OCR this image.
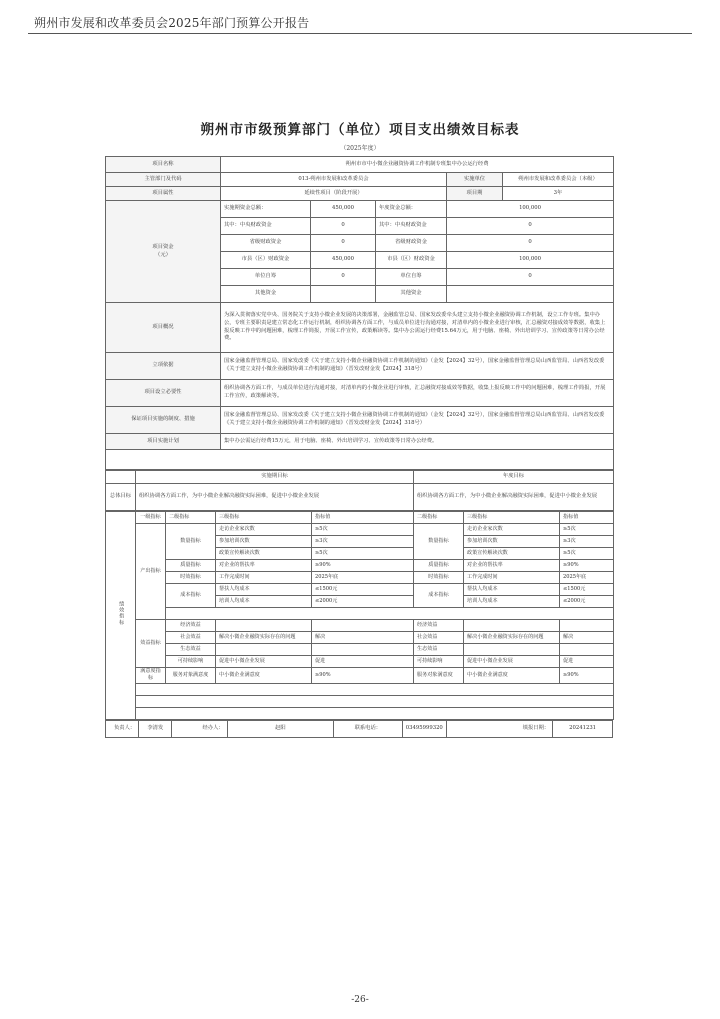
朔州市发展和改革委员会2025年部门预算公开报告
朔州市市级预算部门（单位）项目支出绩效目标表
（2025年度）
项目名称	朔州市市中小微企业融资协调工作机制专班集中办公运行经费				
主管部门及代码	013-朔州市发展和改革委员会			实施单位	朔州市发展和改革委员会（本级）
项目属性	延续性项目（阶段开展）			项目期	3年
项目资金
（元）	实施期资金总额：	450,000	年度资金总额：	100,000	
	其中：中央财政资金	0	其中：中央财政资金	0	
	省级财政资金	0	省级财政资金	0	
	市县（区）财政资金	450,000	市县（区）财政资金	100,000	
	单位自筹	0	单位自筹	0	
	其他资金		其他资金		
项目概况	为深入贯彻落实党中央、国务院关于支持小微企业发展的决策部署，金融监管总局、国家发改委牵头建立支持小微企业融资协调工作机制，设立工作专班。集中办公，专班主要职责是建立常态化工作运行机制，组织协调各方面工作，与成员单位进行沟通对接，对清单内的小微企业进行审核，汇总融资对接成效等数据，收集上报反映工作中的问题困难，梳理工作简报，开展工作宣传，政策解读等。集中办公需运行经费15.64万元，用于电脑、座椅、外出培训学习、宣传政策等日常办公经费。				
立项依据	国家金融监督管理总局、国家发改委《关于建立支持小微企业融资协调工作机制的通知》（金发【2024】32号），国家金融监督管理总局山西监管局、山西省发改委《关于建立支持小微企业融资协调工作机制的通知》（晋发改财金发【2024】318号）				
项目设立必要性	组织协调各方面工作，与成员单位进行沟通对接，对清单内的小微企业进行审核，汇总融资对接成效等数据，收集上报反映工作中的问题困难，梳理工作简报，开展工作宣传，政策解读等。				
保证项目实施的制度、措施	国家金融监督管理总局、国家发改委《关于建立支持小微企业融资协调工作机制的通知》（金发【2024】32号），国家金融监督管理总局山西监管局、山西省发改委《关于建立支持小微企业融资协调工作机制的通知》（晋发改财金发【2024】318号）				
项目实施计划	集中办公需运行经费15万元，用于电脑、座椅、外出培训学习、宣传政策等日常办公经费。				

	实施期目标	年度目标
总体目标	组织协调各方面工作，为中小微企业解决融资实际困难，促进中小微企业发展	组织协调各方面工作，为中小微企业解决融资实际困难，促进中小微企业发展
绩效指标	一级指标	二级指标	三级指标	指标值	二级指标	三级指标	指标值
	产出指标	数量指标	走访企业家次数	≥5次	数量指标	走访企业家次数	≥5次
			参加培训次数	≥3次		参加培训次数	≥3次
			政策宣传解读次数	≥5次		政策宣传解读次数	≥5次
		质量指标	对企业的帮扶率	≥90%	质量指标	对企业的帮扶率	≥90%
		时效指标	工作完成时间	2025年底	时效指标	工作完成时间	2025年底
		成本指标	帮扶人均成本	≤1500元	成本指标	帮扶人均成本	≤1500元
			培训人均成本	≤2000元		培训人均成本	≤2000元

	效益指标	经济效益			经济效益		
		社会效益	解决小微企业融资实际存在的问题	解决	社会效益	解决小微企业融资实际存在的问题	解决
		生态效益			生态效益		
		可持续影响	促进中小微企业发展	促进	可持续影响	促进中小微企业发展	促进
	满意度指标	服务对象满意度	中小微企业满意度	≥90%	服务对象满意度	中小微企业满意度	≥90%

负责人：	李清发	经办人：	赵阳	联系电话：	03495999320	填报日期：	20241231
-26-
